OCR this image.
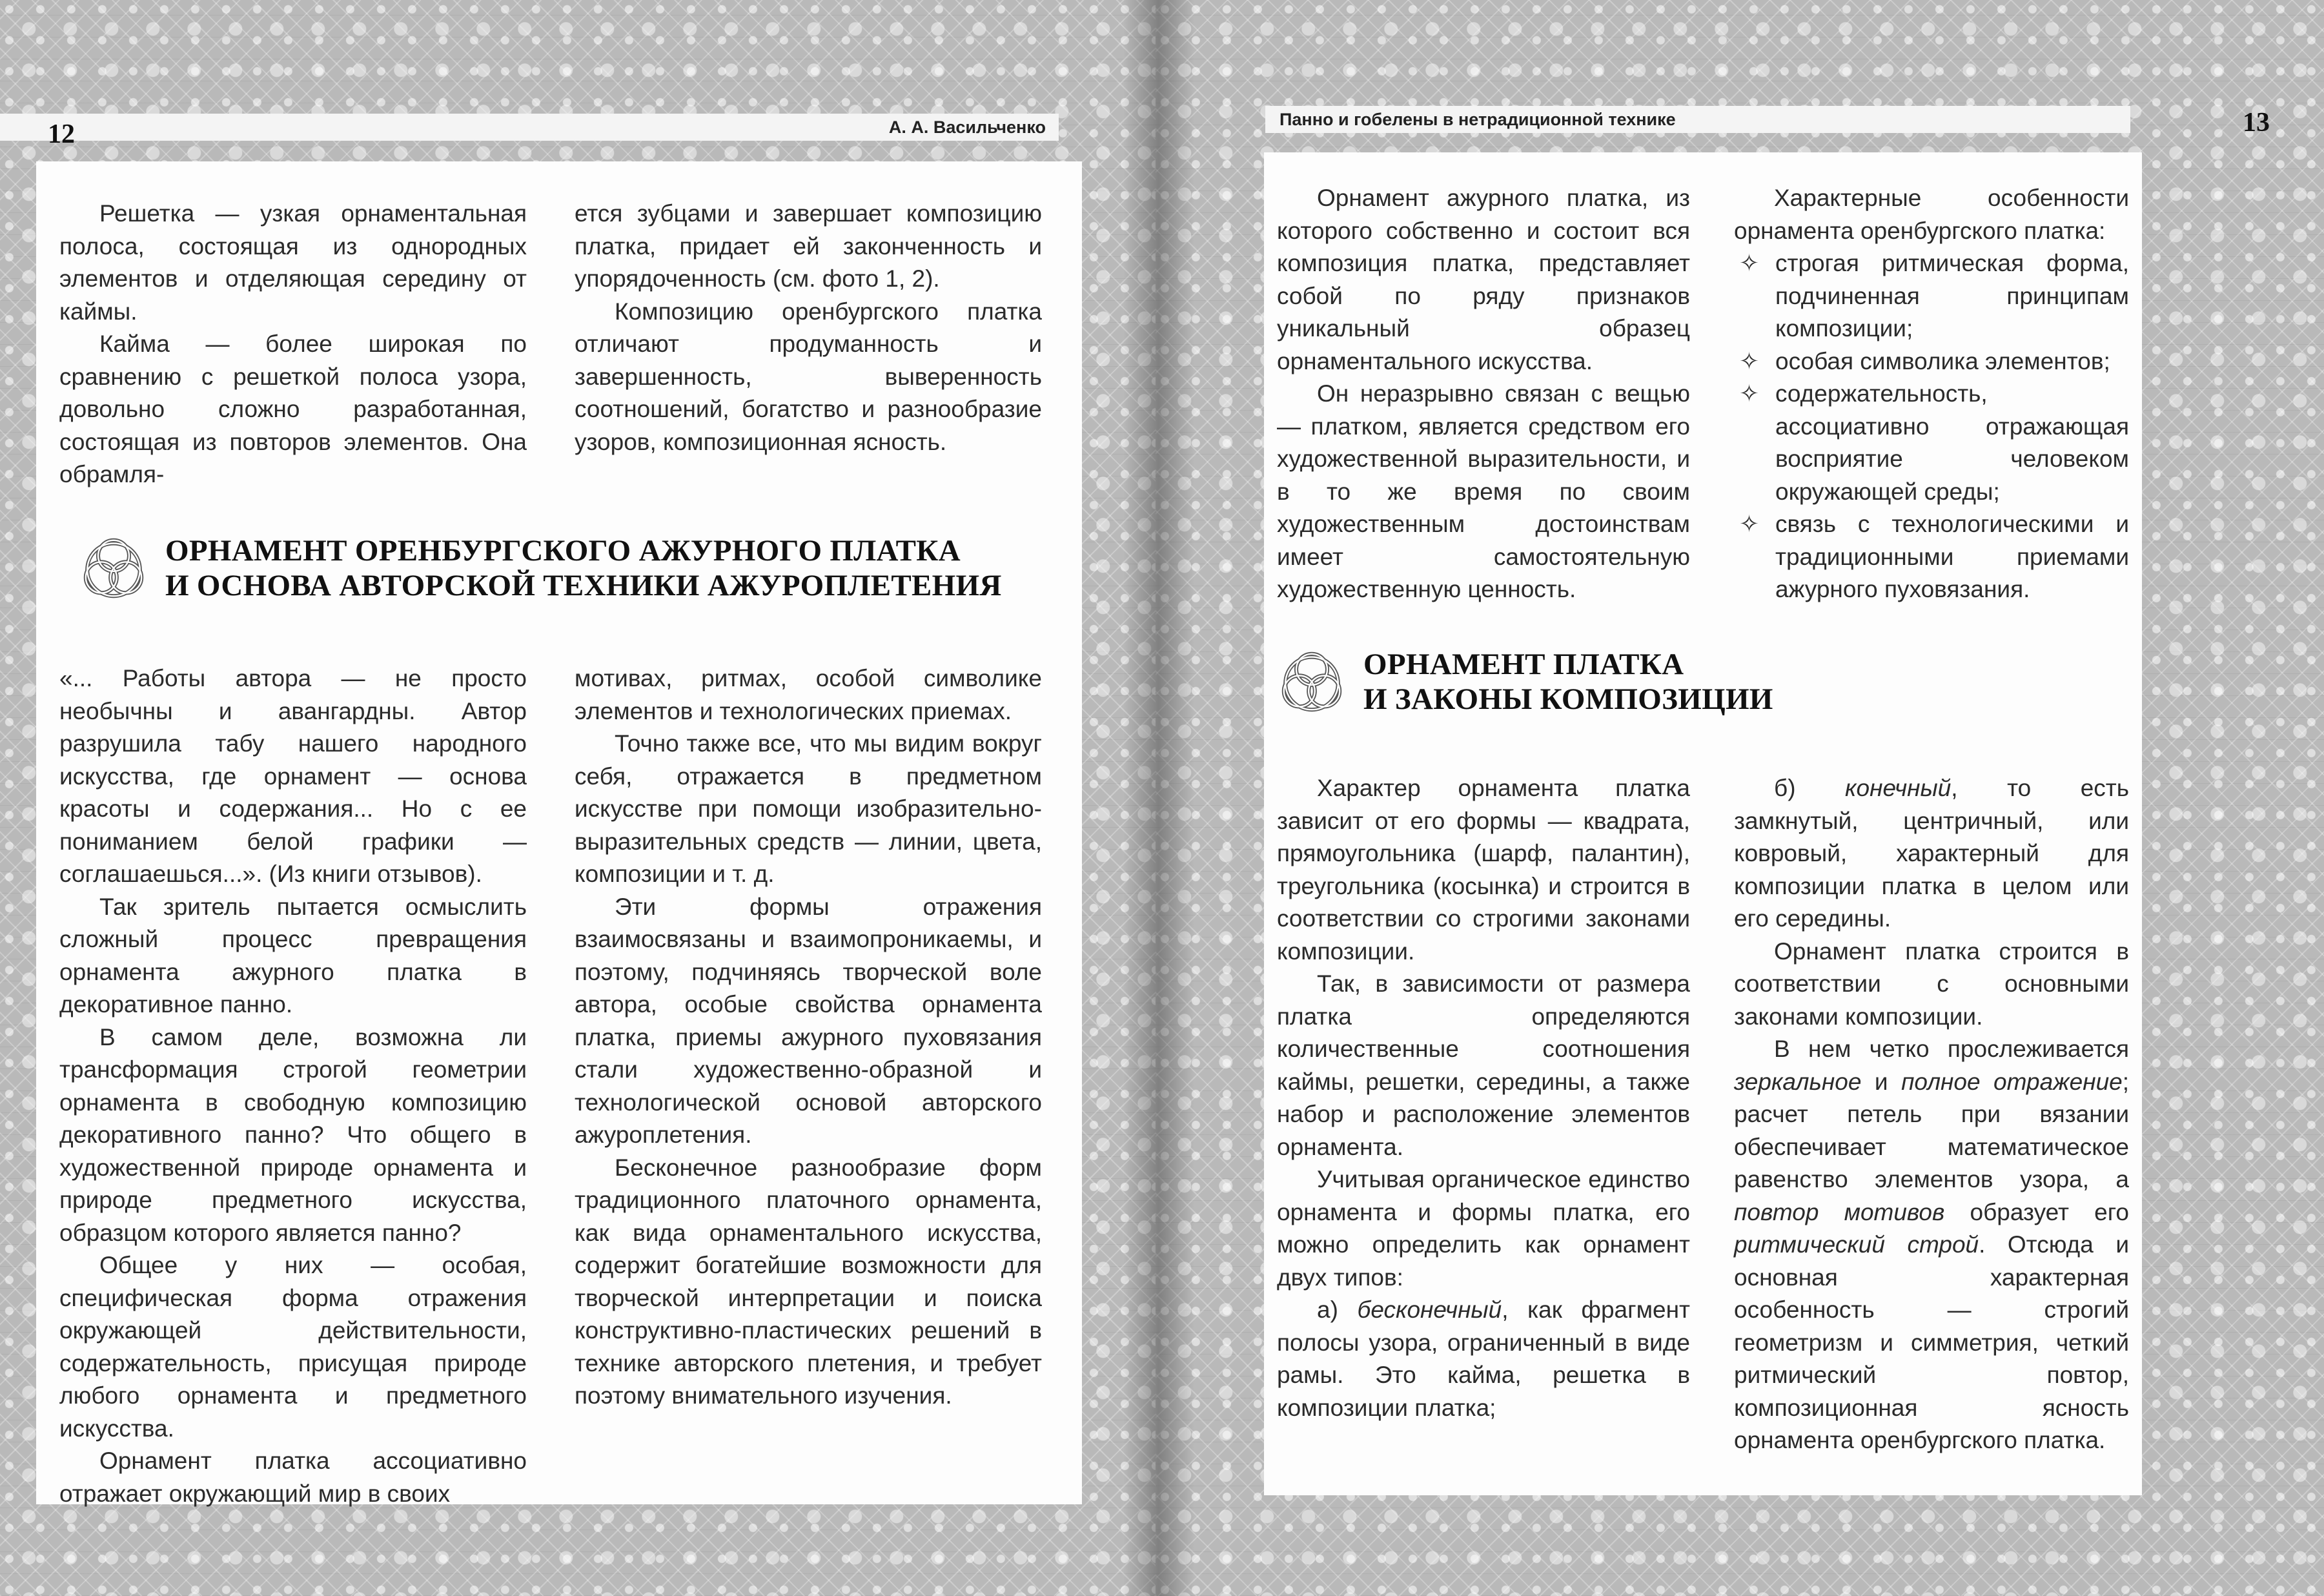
А. А. Васильченко
12

Решетка — узкая орнаментальная полоса, состоящая из однородных элементов и отделяющая середину от каймы.

Кайма — более широкая по сравнению с решеткой полоса узора, довольно сложно разработанная, состоящая из повторов элементов. Она обрамля-

ется зубцами и завершает композицию платка, придает ей законченность и упорядоченность (см. фото 1, 2).

Композицию оренбургского платка отличают продуманность и завершенность, выверенность соотношений, богатство и разнообразие узоров, композиционная ясность.

ОРНАМЕНТ ОРЕНБУРГСКОГО АЖУРНОГО ПЛАТКА
И ОСНОВА АВТОРСКОЙ ТЕХНИКИ АЖУРОПЛЕТЕНИЯ

«... Работы автора — не просто необычны и авангардны. Автор разрушила табу нашего народного искусства, где орнамент — основа красоты и содержания... Но с ее пониманием белой графики — соглашаешься...». (Из книги отзывов).

Так зритель пытается осмыслить сложный процесс превращения орнамента ажурного платка в декоративное панно.

В самом деле, возможна ли трансформация строгой геометрии орнамента в свободную композицию декоративного панно? Что общего в художественной природе орнамента и природе предметного искусства, образцом которого является панно?

Общее у них — особая, специфическая форма отражения окружающей действительности, содержательность, присущая природе любого орнамента и предметного искусства.

Орнамент платка ассоциативно отражает окружающий мир в своих

мотивах, ритмах, особой символике элементов и технологических приемах.

Точно также все, что мы видим вокруг себя, отражается в предметном искусстве при помощи изобразительно-выразительных средств — линии, цвета, композиции и т. д.

Эти формы отражения взаимосвязаны и взаимопроникаемы, и поэтому, подчиняясь творческой воле автора, особые свойства орнамента платка, приемы ажурного пуховязания стали художественно-образной и технологической основой авторского ажуроплетения.

Бесконечное разнообразие форм традиционного платочного орнамента, как вида орнаментального искусства, содержит богатейшие возможности для творческой интерпретации и поиска конструктивно-пластических решений в технике авторского плетения, и требует поэтому внимательного изучения.

Панно и гобелены в нетрадиционной технике	13

Орнамент ажурного платка, из которого собственно и состоит вся композиция платка, представляет собой по ряду признаков уникальный образец орнаментального искусства.

Он неразрывно связан с вещью — платком, является средством его художественной выразительности, и в то же время по своим художественным достоинствам имеет самостоятельную художественную ценность.

Характерные особенности орнамента оренбургского платка:

✧ строгая ритмическая форма, подчиненная принципам композиции;
✧ особая символика элементов;
✧ содержательность, ассоциативно отражающая восприятие человеком окружающей среды;
✧ связь с технологическими и традиционными приемами ажурного пуховязания.
ОРНАМЕНТ ПЛАТКА
И ЗАКОНЫ КОМПОЗИЦИИ

Характер орнамента платка зависит от его формы — квадрата, прямоугольника (шарф, палантин), треугольника (косынка) и строится в соответствии со строгими законами композиции.

Так, в зависимости от размера платка определяются количественные соотношения каймы, решетки, середины, а также набор и расположение элементов орнамента.

Учитывая органическое единство орнамента и формы платка, его можно определить как орнамент двух типов:

а) бесконечный, как фрагмент полосы узора, ограниченный в виде рамы. Это кайма, решетка в композиции платка;

б) конечный, то есть замкнутый, центричный, или ковровый, характерный для композиции платка в целом или его середины.

Орнамент платка строится в соответствии с основными законами композиции.

В нем четко прослеживается зеркальное и полное отражение; расчет петель при вязании обеспечивает математическое равенство элементов узора, а повтор мотивов образует его ритмический строй. Отсюда и основная характерная особенность — строгий геометризм и симметрия, четкий ритмический повтор, композиционная ясность орнамента оренбургского платка.
